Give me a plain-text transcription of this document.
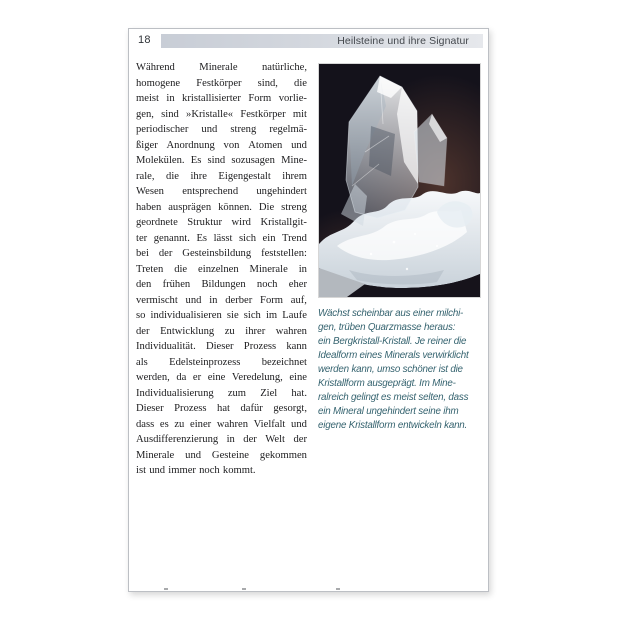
18	Heilsteine und ihre Signatur
Während Minerale natürliche,
homogene Festkörper sind, die
meist in kristallisierter Form vorlie-
gen, sind »Kristalle« Festkörper mit
periodischer und streng regelmä-
ßiger Anordnung von Atomen und
Molekülen. Es sind sozusagen Mine-
rale, die ihre Eigengestalt ihrem
Wesen entsprechend ungehindert
haben ausprägen können. Die streng
geordnete Struktur wird Kristallgit-
ter genannt. Es lässt sich ein Trend
bei der Gesteinsbildung feststellen:
Treten die einzelnen Minerale in
den frühen Bildungen noch eher
vermischt und in derber Form auf,
so individualisieren sie sich im Laufe
der Entwicklung zu ihrer wahren
Individualität. Dieser Prozess kann
als Edelsteinprozess bezeichnet
werden, da er eine Veredelung, eine
Individualisierung zum Ziel hat.
Dieser Prozess hat dafür gesorgt,
dass es zu einer wahren Vielfalt und
Ausdifferenzierung in der Welt der
Minerale und Gesteine gekommen
ist und immer noch kommt.
Wächst scheinbar aus einer milchi-
gen, trüben Quarzmasse heraus:
ein Bergkristall-Kristall. Je reiner die
Idealform eines Minerals verwirklicht
werden kann, umso schöner ist die
Kristallform ausgeprägt. Im Mine-
ralreich gelingt es meist selten, dass
ein Mineral ungehindert seine ihm
eigene Kristallform entwickeln kann.
